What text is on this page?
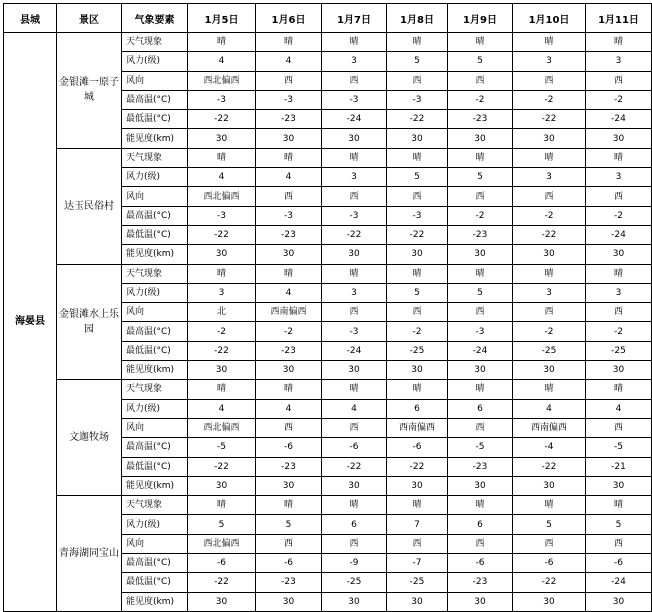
县城	景区	气象要素	1月5日	1月6日	1月7日	1月8日	1月9日	1月10日	1月11日
海晏县	金银滩一原子城	天气现象	晴	晴	晴	晴	晴	晴	晴
		风力(级)	4	4	3	5	5	3	3
		风向	西北偏西	西	西	西	西	西	西
		最高温(°C)	-3	-3	-3	-3	-2	-2	-2
		最低温(°C)	-22	-23	-24	-22	-23	-22	-24
		能见度(km)	30	30	30	30	30	30	30
	达玉民俗村	天气现象	晴	晴	晴	晴	晴	晴	晴
		风力(级)	4	4	3	5	5	3	3
		风向	西北偏西	西	西	西	西	西	西
		最高温(°C)	-3	-3	-3	-3	-2	-2	-2
		最低温(°C)	-22	-23	-22	-22	-23	-22	-24
		能见度(km)	30	30	30	30	30	30	30
	金银滩水上乐园	天气现象	晴	晴	晴	晴	晴	晴	晴
		风力(级)	3	4	3	5	5	3	3
		风向	北	西南偏西	西	西	西	西	西
		最高温(°C)	-2	-2	-3	-2	-3	-2	-2
		最低温(°C)	-22	-23	-24	-25	-24	-25	-25
		能见度(km)	30	30	30	30	30	30	30
	文迦牧场	天气现象	晴	晴	晴	晴	晴	晴	晴
		风力(级)	4	4	4	6	6	4	4
		风向	西北偏西	西	西	西南偏西	西	西南偏西	西
		最高温(°C)	-5	-6	-6	-6	-5	-4	-5
		最低温(°C)	-22	-23	-22	-22	-23	-22	-21
		能见度(km)	30	30	30	30	30	30	30
	青海湖同宝山	天气现象	晴	晴	晴	晴	晴	晴	晴
		风力(级)	5	5	6	7	6	5	5
		风向	西北偏西	西	西	西	西	西	西
		最高温(°C)	-6	-6	-9	-7	-6	-6	-6
		最低温(°C)	-22	-23	-25	-25	-23	-22	-24
		能见度(km)	30	30	30	30	30	30	30
